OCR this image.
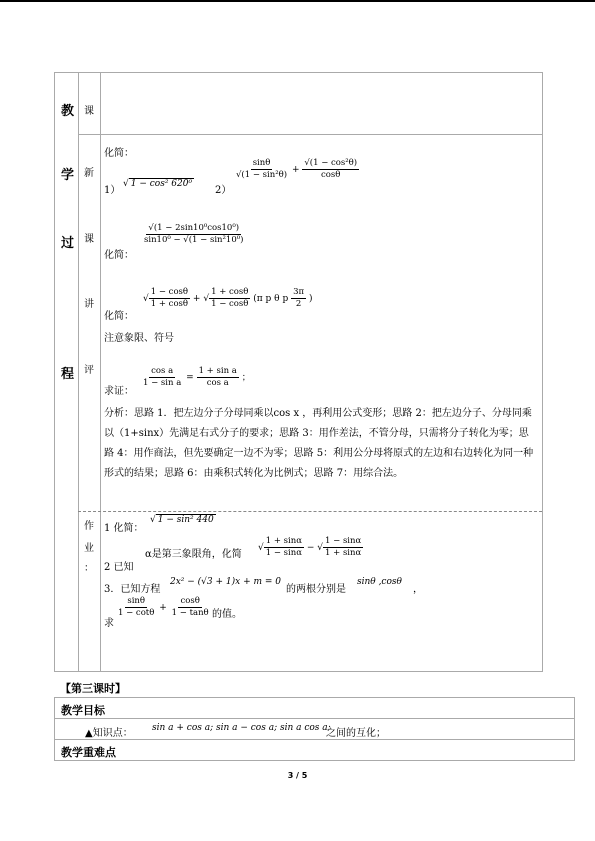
教
学
过
程
课
新
课
讲
评
作
业
：
化简：
1）
√ 1 − cos² 620⁰
2）
$\frac{\sin\theta}{\text{√(1 − sin²θ)}} + \frac{\text{√(1 − cos²θ)}}{\cos\theta}$
化简：
$\frac{\text{√(1 − 2sin10⁰cos10⁰)}}{\text{sin10⁰ − √(1 − sin²10⁰)}}$
化简：
√ $\frac{1 - \cos\theta}{1 + \cos\theta}$ + √ $\frac{1 + \cos\theta}{1 - \cos\theta} (\pi$ p θ p $\frac{3\pi}{2}$ )
注意象限、符号
求证：
$\frac{\text{cos a}}{\text{1 − sin a}} = \frac{\text{1 + sin a}}{\text{cos a}}$ ；
分析：思路 1．把左边分子分母同乘以cos x ，再利用公式变形；思路 2：把左边分子、分母同乘以（1+sinx）先满足右式分子的要求；思路 3：用作差法，不管分母，只需将分子转化为零；思路 4：用作商法，但先要确定一边不为零；思路 5：利用公分母将原式的左边和右边转化为同一种形式的结果；思路 6：由乘积式转化为比例式；思路 7：用综合法。
1 化简：
√ 1 − sin² 440
2 已知
α是第三象限角，化简
√ $\frac{1 + \sin\alpha}{1 - \sin\alpha}$ − √ $\frac{1 - \sin\alpha}{1 + \sin\alpha}$
3．已知方程
2x² − (√3 + 1)x + m = 0
的两根分别是
sinθ ,cosθ
，
求
$\frac{\sin\theta}{1 - \cot\theta} + \frac{\cos\theta}{1 - \tan\theta}$ 的值。
【第三课时】
教学目标
▲知识点： sin a + cos a; sin a − cos a; sin a cos a;
之间的互化；
教学重难点
3 / 5
